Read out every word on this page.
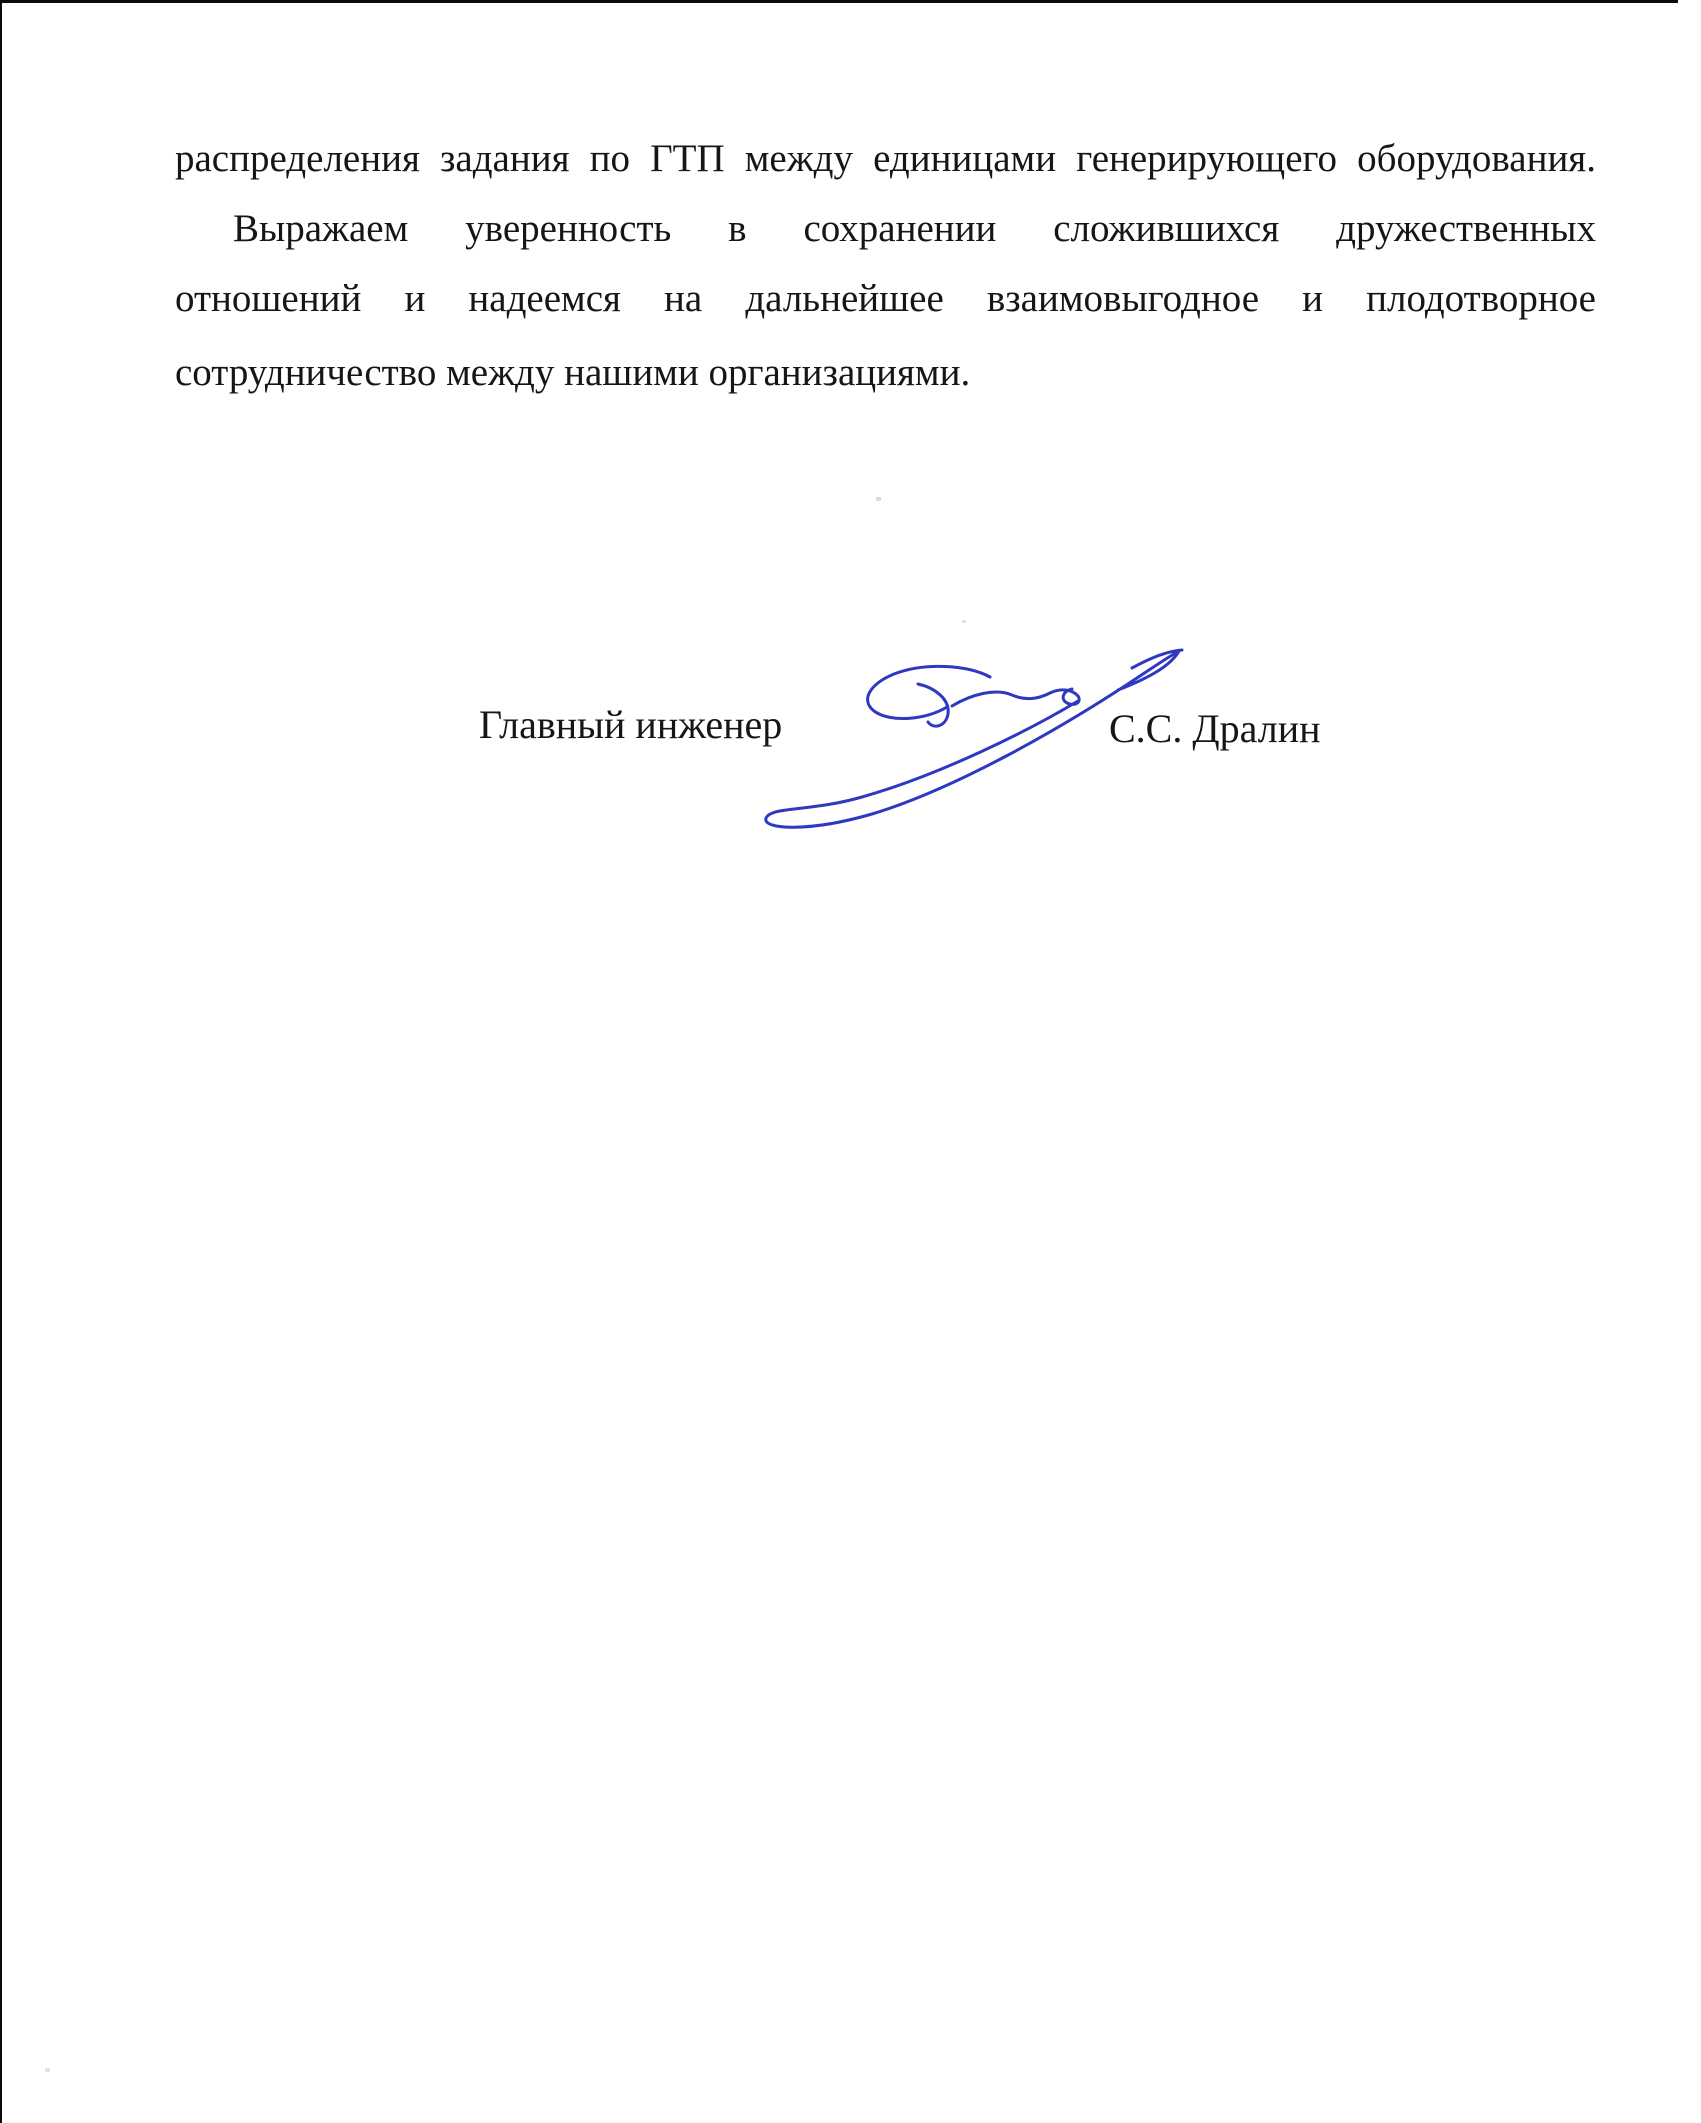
распределения задания по ГТП между единицами генерирующего оборудования.
Выражаем уверенность в сохранении сложившихся дружественных
отношений и надеемся на дальнейшее взаимовыгодное и плодотворное
сотрудничество между нашими организациями.
Главный инженер	С.С. Дралин
